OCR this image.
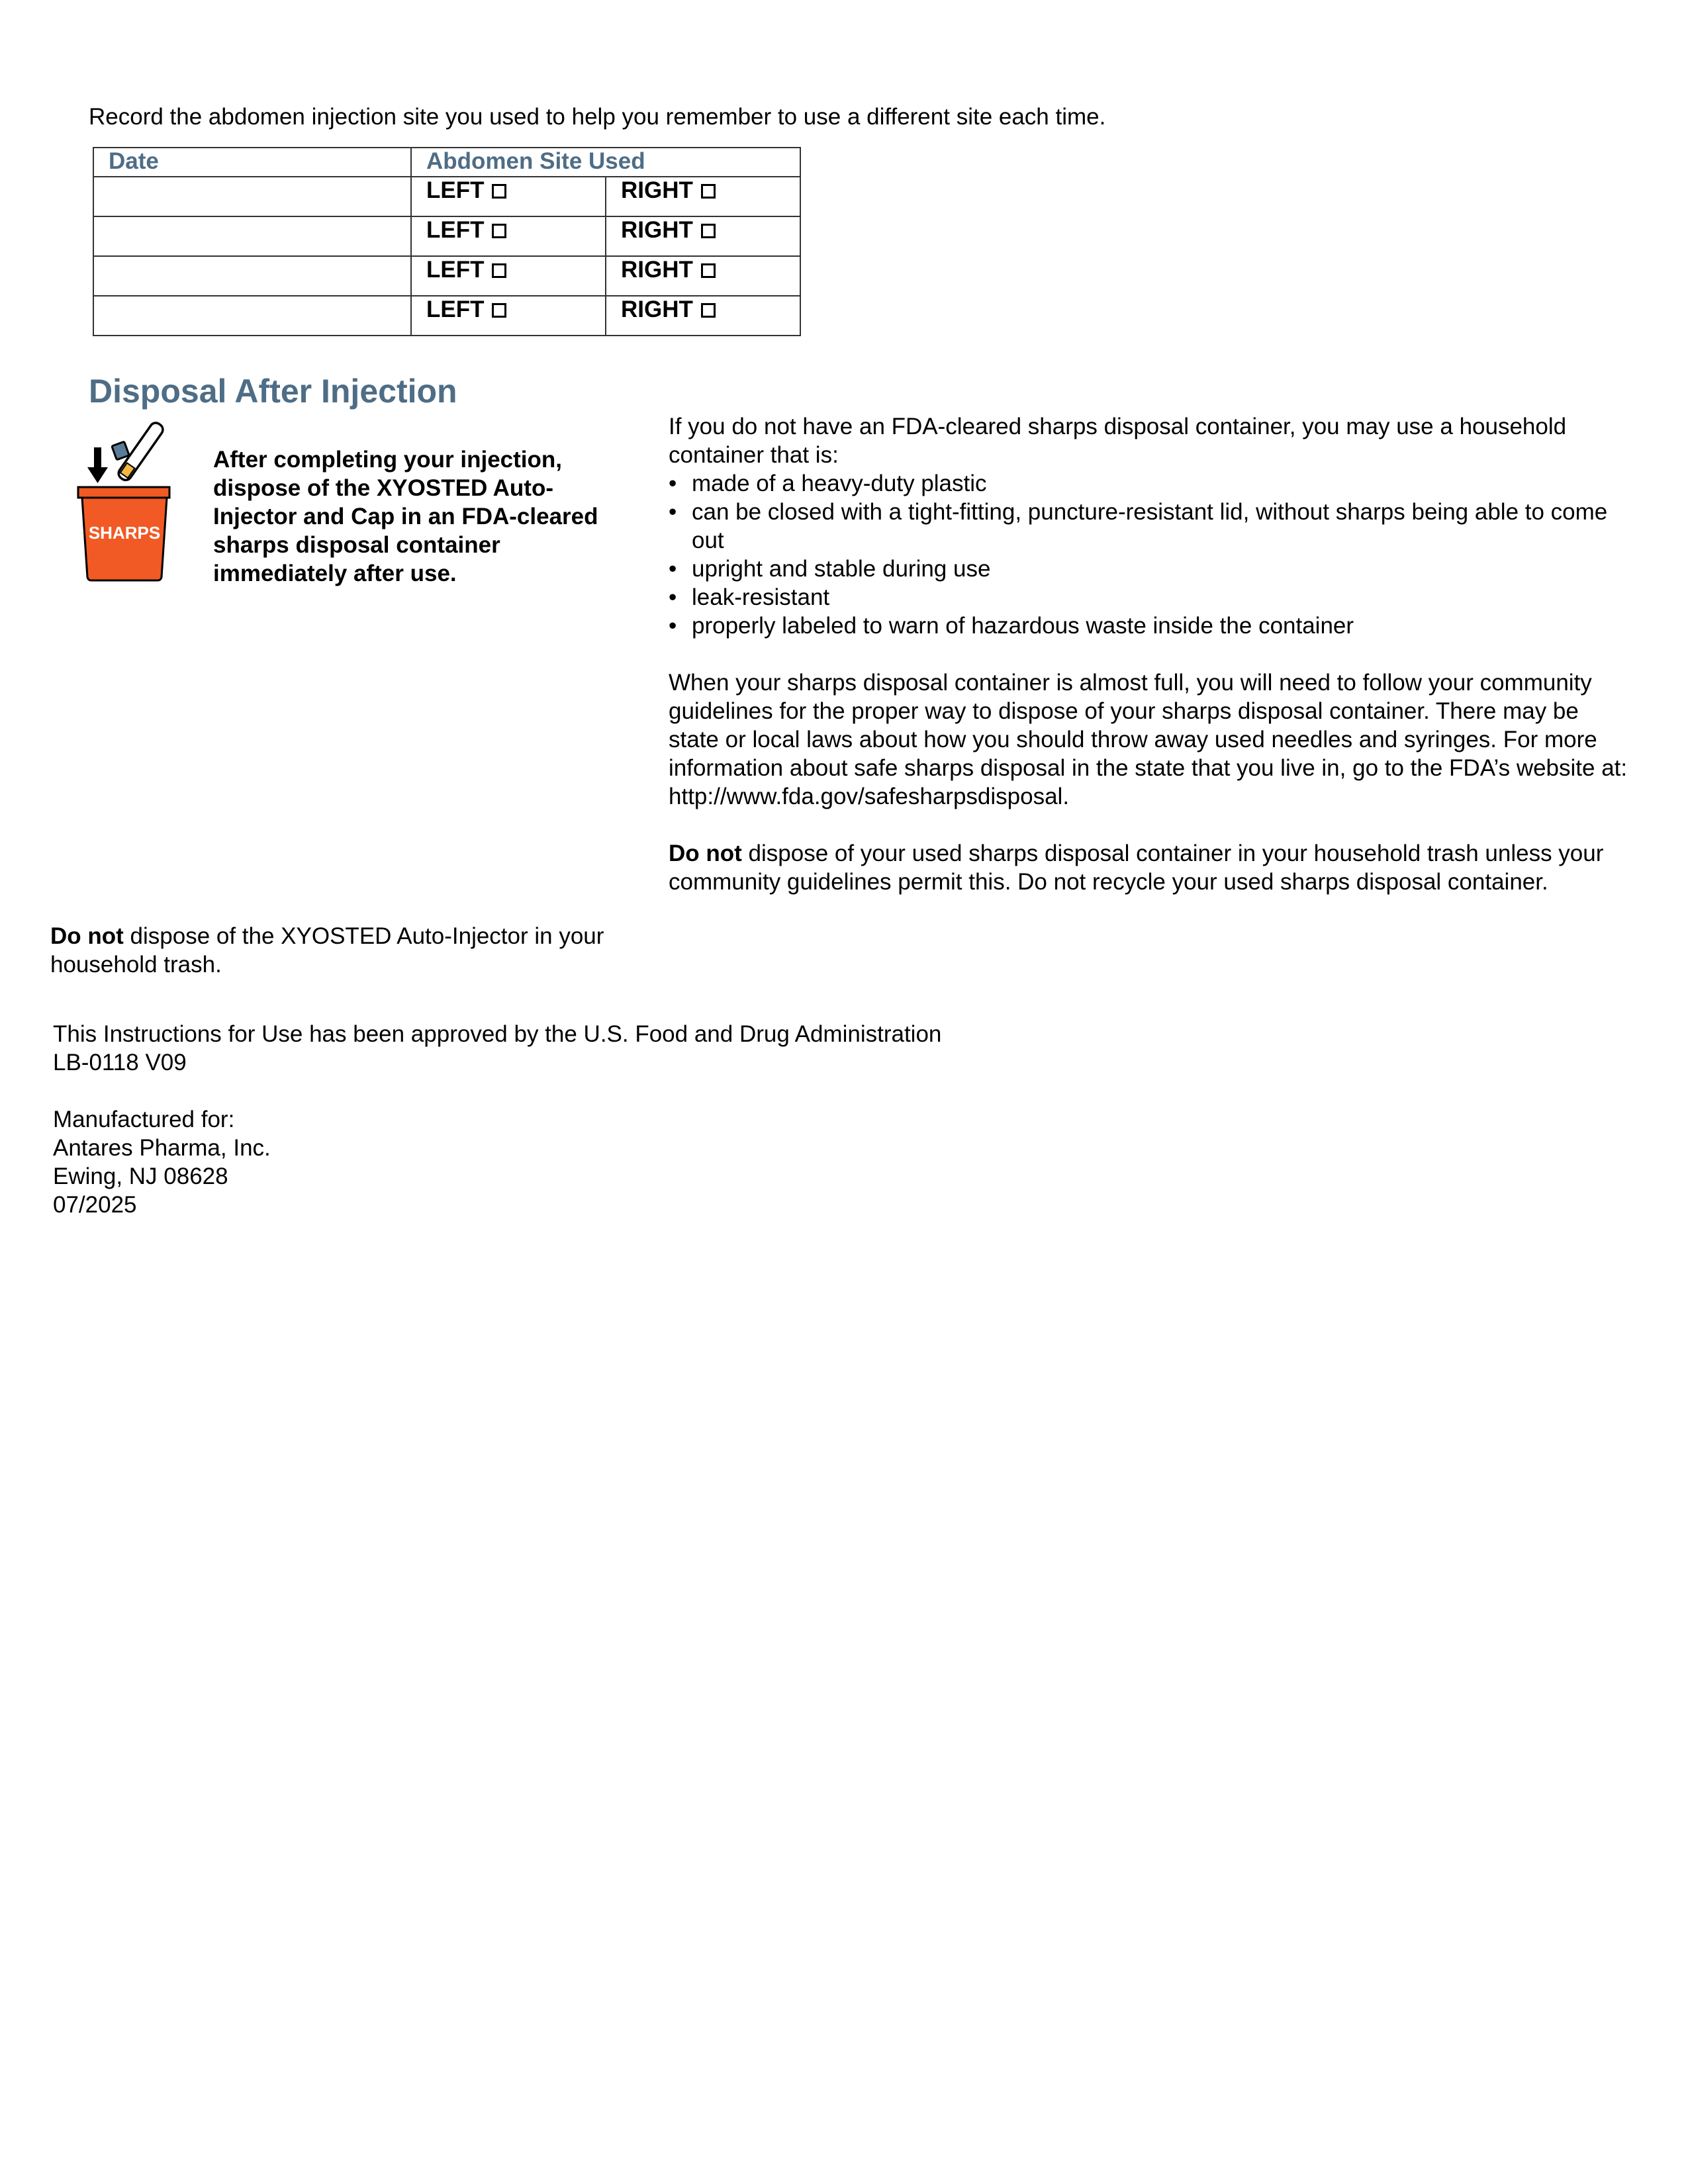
Record the abdomen injection site you used to help you remember to use a different site each time.
Date	Abdomen Site Used	
	LEFT	RIGHT
	LEFT	RIGHT
	LEFT	RIGHT
	LEFT	RIGHT
Disposal After Injection
SHARPS
After completing your injection, dispose of the XYOSTED Auto-Injector and Cap in an FDA-cleared sharps disposal container immediately after use.

If you do not have an FDA-cleared sharps disposal container, you may use a household container that is:

• made of a heavy-duty plastic
• can be closed with a tight-fitting, puncture-resistant lid, without sharps being able to come out
• upright and stable during use
• leak-resistant
• properly labeled to warn of hazardous waste inside the container

When your sharps disposal container is almost full, you will need to follow your community guidelines for the proper way to dispose of your sharps disposal container. There may be state or local laws about how you should throw away used needles and syringes. For more information about safe sharps disposal in the state that you live in, go to the FDA’s website at: http://www.fda.gov/safesharpsdisposal.

Do not dispose of your used sharps disposal container in your household trash unless your community guidelines permit this. Do not recycle your used sharps disposal container.

Do not dispose of the XYOSTED Auto-Injector in your household trash.
This Instructions for Use has been approved by the U.S. Food and Drug Administration
LB-0118 V09
Manufactured for:
Antares Pharma, Inc.
Ewing, NJ 08628
07/2025
